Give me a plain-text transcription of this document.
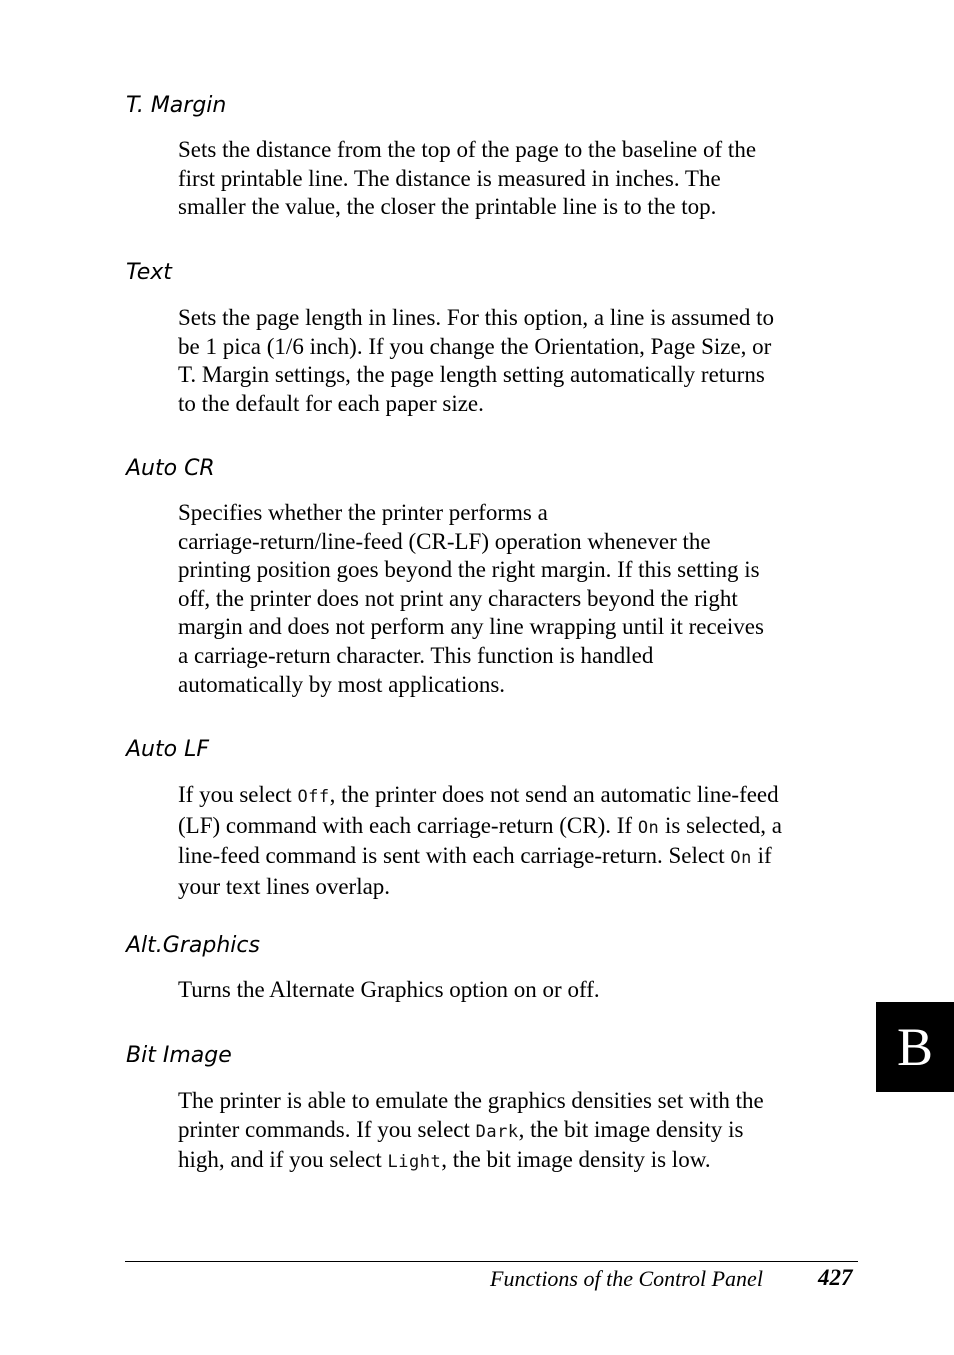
T. Margin
Sets the distance from the top of the page to the baseline of the
first printable line. The distance is measured in inches. The
smaller the value, the closer the printable line is to the top.
Text
Sets the page length in lines. For this option, a line is assumed to
be 1 pica (1/6 inch). If you change the Orientation, Page Size, or
T. Margin settings, the page length setting automatically returns
to the default for each paper size.
Auto CR
Specifies whether the printer performs a
carriage-return/line-feed (CR-LF) operation whenever the
printing position goes beyond the right margin. If this setting is
off, the printer does not print any characters beyond the right
margin and does not perform any line wrapping until it receives
a carriage-return character. This function is handled
automatically by most applications.
Auto LF
If you select Off, the printer does not send an automatic line-feed
(LF) command with each carriage-return (CR). If On is selected, a
line-feed command is sent with each carriage-return. Select On if
your text lines overlap.
Alt.Graphics
Turns the Alternate Graphics option on or off.
Bit Image
The printer is able to emulate the graphics densities set with the
printer commands. If you select Dark, the bit image density is
high, and if you select Light, the bit image density is low.
B
Functions of the Control Panel 427
